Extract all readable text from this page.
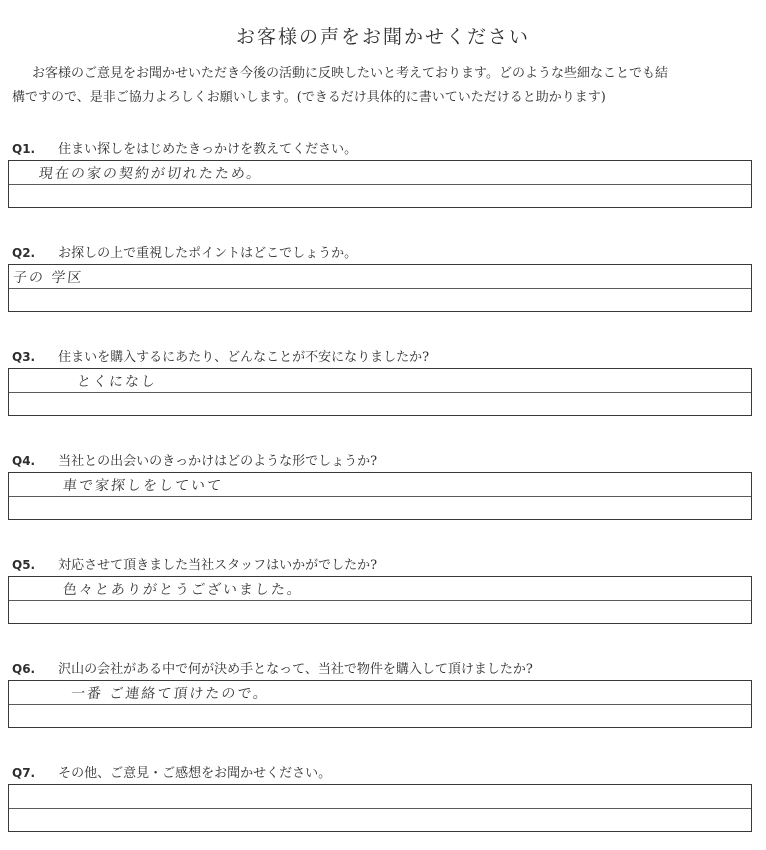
お客様の声をお聞かせください
お客様のご意見をお聞かせいただき今後の活動に反映したいと考えております。どのような些細なことでも結
構ですので、是非ご協力よろしくお願いします。(できるだけ具体的に書いていただけると助かります)
Q1. 住まい探しをはじめたきっかけを教えてください。
現在の家の契約が切れたため。
Q2. お探しの上で重視したポイントはどこでしょうか。
子の 学区
Q3. 住まいを購入するにあたり、どんなことが不安になりましたか?
とくになし
Q4. 当社との出会いのきっかけはどのような形でしょうか?
車で家探しをしていて
Q5. 対応させて頂きました当社スタッフはいかがでしたか?
色々とありがとうございました。
Q6. 沢山の会社がある中で何が決め手となって、当社で物件を購入して頂けましたか?
一番 ご連絡て頂けたので。
Q7. その他、ご意見・ご感想をお聞かせください。
